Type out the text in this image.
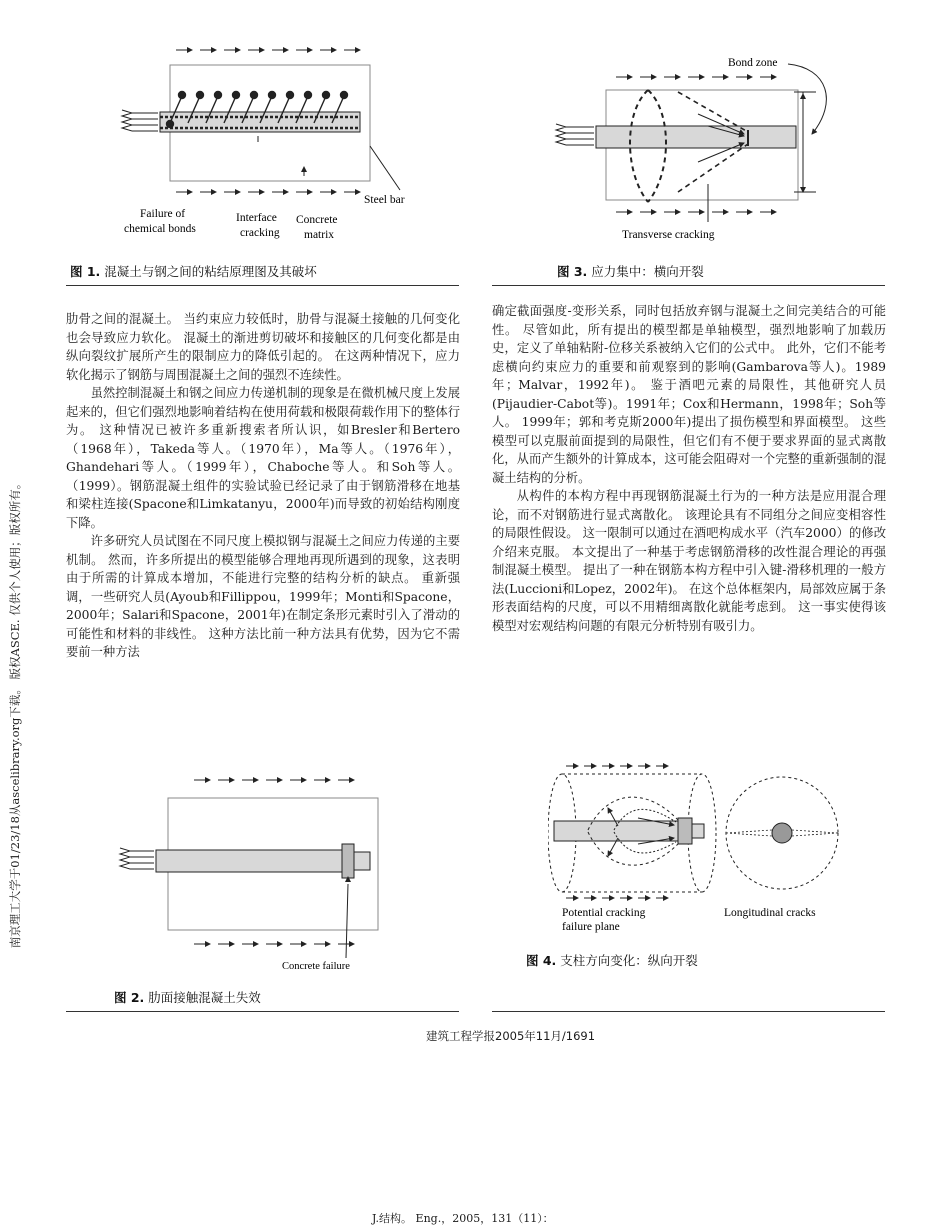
Failure of
chemical bonds
Interface
cracking
Concrete
matrix
Steel bar
图 1. 混凝土与钢之间的粘结原理图及其破坏
Bond zone
Transverse cracking
图 3. 应力集中：横向开裂

肋骨之间的混凝土。 当约束应力较低时，肋骨与混凝土接触的几何变化也会导致应力软化。 混凝土的渐进剪切破坏和接触区的几何变化都是由纵向裂纹扩展所产生的限制应力的降低引起的。 在这两种情况下，应力软化揭示了钢筋与周围混凝土之间的强烈不连续性。

虽然控制混凝土和钢之间应力传递机制的现象是在微机械尺度上发展起来的，但它们强烈地影响着结构在使用荷载和极限荷载作用下的整体行为。 这种情况已被许多重新搜索者所认识，如Bresler和Bertero（1968年），Takeda等人。（1970年），Ma等人。（1976年），Ghandehari等人。（1999年），Chaboche等人。和Soh等人。（1999）。钢筋混凝土组件的实验试验已经记录了由于钢筋滑移在地基和梁柱连接(Spacone和Limkatanyu，2000年)而导致的初始结构刚度下降。

许多研究人员试图在不同尺度上模拟钢与混凝土之间应力传递的主要机制。 然而，许多所提出的模型能够合理地再现所遇到的现象，这表明由于所需的计算成本增加，不能进行完整的结构分析的缺点。 重新强调，一些研究人员(Ayoub和Fillippou，1999年；Monti和Spacone，2000年；Salari和Spacone，2001年)在制定条形元素时引入了滑动的可能性和材料的非线性。 这种方法比前一种方法具有优势，因为它不需要前一种方法

确定截面强度-变形关系，同时包括放弃钢与混凝土之间完美结合的可能性。 尽管如此，所有提出的模型都是单轴模型，强烈地影响了加载历史，定义了单轴粘附-位移关系被纳入它们的公式中。 此外，它们不能考虑横向约束应力的重要和前观察到的影响(Gambarova等人)。1989年；Malvar，1992年)。 鉴于酒吧元素的局限性，其他研究人员(Pijaudier-Cabot等)。1991年；Cox和Hermann，1998年；Soh等人。 1999年；郭和考克斯2000年)提出了损伤模型和界面模型。 这些模型可以克服前面提到的局限性，但它们有不便于要求界面的显式离散化，从而产生额外的计算成本，这可能会阻碍对一个完整的重新强制的混凝土结构的分析。

从构件的本构方程中再现钢筋混凝土行为的一种方法是应用混合理论，而不对钢筋进行显式离散化。 该理论具有不同组分之间应变相容性的局限性假设。 这一限制可以通过在酒吧构成水平（汽车2000）的修改介绍来克服。 本文提出了一种基于考虑钢筋滑移的改性混合理论的再强制混凝土模型。 提出了一种在钢筋本构方程中引入键-滑移机理的一般方法(Luccioni和Lopez，2002年)。 在这个总体框架内，局部效应属于条形表面结构的尺度，可以不用精细离散化就能考虑到。 这一事实使得该模型对宏观结构问题的有限元分析特别有吸引力。

Concrete failure
图 2. 肋面接触混凝土失效
Potential cracking
failure plane
Longitudinal cracks
图 4. 支柱方向变化：纵向开裂
南京理工大学于01/23/18从ascelibrary.org下载。 版权ASCE. 仅供个人使用；版权所有。
建筑工程学报2005年11月/1691
J.结构。 Eng.，2005，131（11）：
